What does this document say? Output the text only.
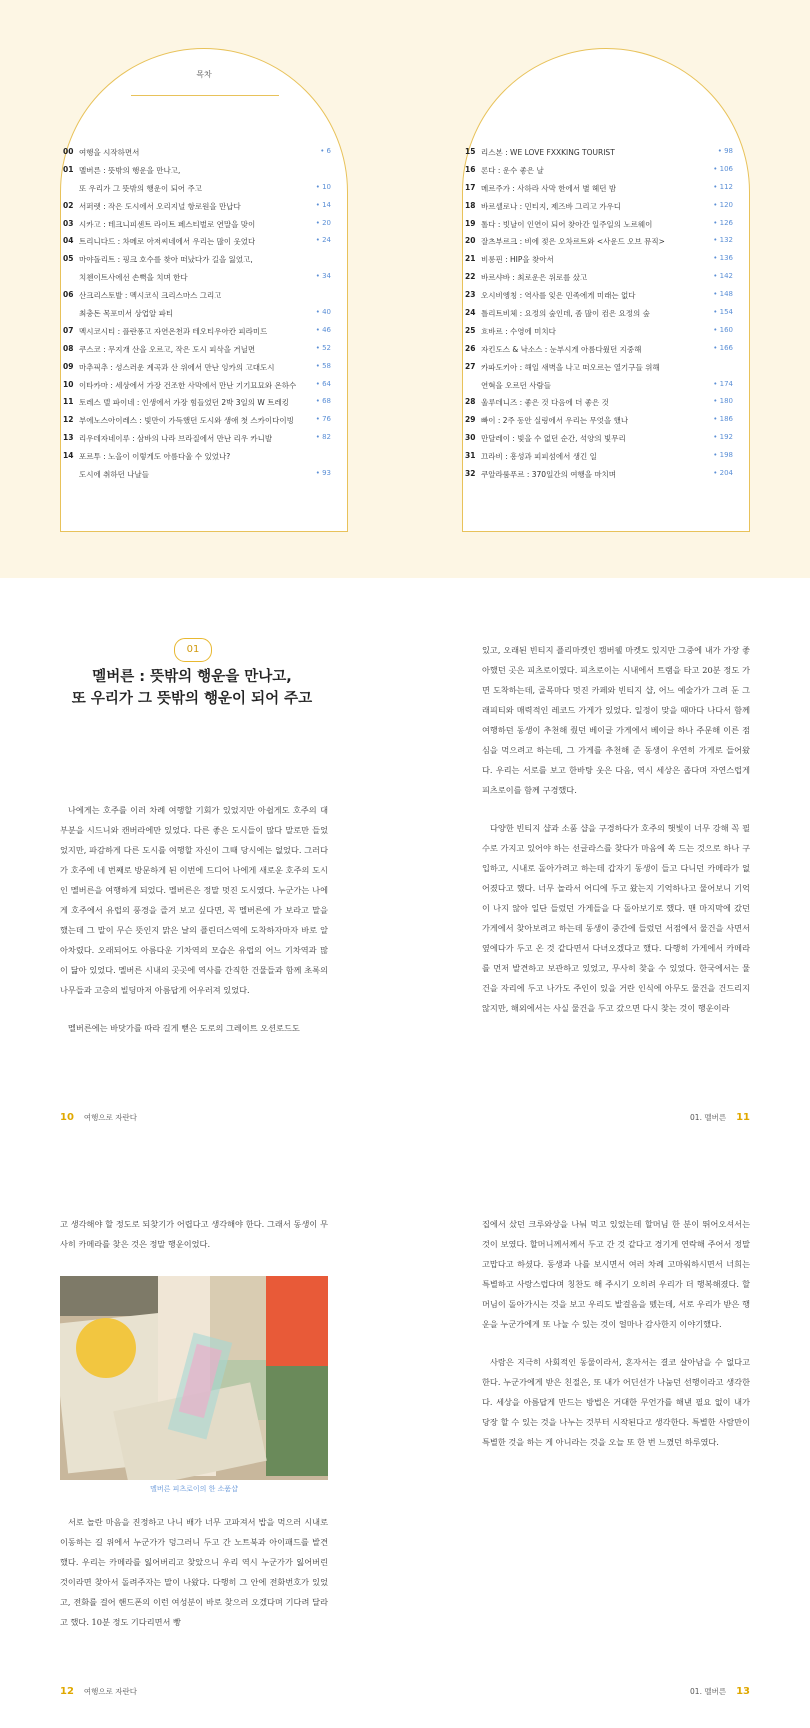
목차
00 여행을 시작하면서	• 6
01 멜버른 : 뜻밖의 행운을 만나고,
또 우리가 그 뜻밖의 행운이 되어 주고	• 10
02 서퍼렛 : 작은 도시에서 오리지널 항로원을 만납다	• 14
03 시카고 : 테크니피센트 라이트 페스티벌로 연말을 맞이	• 20
04 트리니다드 : 차메로 아저씨네에서 우리는 많이 웃었다	• 24
05 마야돌리트 : 핑크 호수를 찾아 떠났다가 길을 잃었고,
치첸이트사에선 손뼉을 치며 한다	• 34
06 산크리스토발 : 멕시코식 크리스마스 그리고
최충돈 목포미서 상업알 파티	• 40
07 멕시코시티 : 플란퐁고 자연온천과 테오티우아칸 피라미드	• 46
08 쿠스코 : 무지개 산을 오르고, 작은 도시 피삭을 거닐면	• 52
09 마추픽추 : 성스러운 계곡과 산 위에서 만난 잉카의 고대도시	• 58
10 이타카마 : 세상에서 가장 건조한 사막에서 만난 기기묘묘와 온하수	• 64
11 토레스 델 파이네 : 인생에서 가장 힘들었던 2박 3일의 W 트레킹	• 68
12 부에노스아이레스 : 빛만이 가득했던 도시와 생애 첫 스카이다이빙	• 76
13 리우데자네이루 : 삼바의 나라 브라질에서 만난 리우 카니발	• 82
14 포르투 : 노을이 이렇게도 아름다울 수 있었나?
도시에 취하던 나날들	• 93
15 리스본 : WE LOVE FXXKING TOURIST	• 98
16 론다 : 운수 좋은 날	• 106
17 메르주가 : 사하라 사막 한에서 별 헤던 밤	• 112
18 바르셀로나 : 민티지, 제즈바 그리고 가우디	• 120
19 톨다 : 빗날이 인연이 되어 찾아간 일주일의 노르웨이	• 126
20 잘츠부르크 : 비에 젖은 오차르트와 <사운드 오브 뮤직>	• 132
21 비롱핀 : HIP을 찾아서	• 136
22 바르샤바 : 최로운은 위로를 샀고	• 142
23 오시비엥칭 : 역사를 잊은 민족에게 미래는 없다	• 148
24 틀리트비체 : 요정의 숲인데, 좀 많이 컴은 요정의 숲	• 154
25 흐바르 : 수영에 미치다	• 160
26 자킨도스 & 낙소스 : 눈부시게 아름다웠던 지중해	• 166
27 카파도키아 : 해일 새벽을 나고 떠오르는 열기구들 위해
연혁을 오르던 사람들	• 174
28 울루데니즈 : 좋은 것 다음에 더 좋은 것	• 180
29 빠이 : 2주 동안 실링에서 우리는 무엇을 했나	• 186
30 만달레이 : 빛을 수 없던 순간, 석양의 빛무리	• 192
31 끄라비 : 흥성과 피피섬에서 생긴 일	• 198
32 쿠알라룸푸르 : 370일간의 여행을 마치며	• 204
01
멜버른 : 뜻밖의 행운을 만나고,
또 우리가 그 뜻밖의 행운이 되어 주고

나에게는 호주를 이러 차례 여행할 기회가 있었지만 아쉽게도 호주의 대부분을 시드니와 캔버라에만 있었다. 다른 좋은 도시들이 많다 말로만 들었었지만, 파감하게 다른 도시를 여행할 자신이 그때 당시에는 없었다. 그러다가 호주에 네 번째로 방문하게 된 이번에 드디어 나에게 새로운 호주의 도시인 멜버른을 여행하게 되었다. 멜버른은 정말 멋진 도시였다. 누군가는 나에게 호주에서 유럽의 풍경을 즐겨 보고 싶다면, 꼭 멜버른에 가 보라고 말을 했는데 그 말이 무슨 뜻인지 맑은 날의 플린더스역에 도착하자마자 바로 알아차렸다. 오래되어도 아름다운 기차역의 모습은 유럽의 어느 기차역과 많이 닮아 있었다. 멜버른 시내의 곳곳에 역사를 간직한 건물들과 함께 초록의 나무들과 고층의 빌딩마저 아름답게 어우러져 있었다.

멜버른에는 바닷가를 따라 길게 뻗은 도로의 그레이트 오션로드도

10 여행으로 자란다

있고, 오래된 빈티지 플리마켓인 캠버웰 마켓도 있지만 그중에 내가 가장 좋아했던 곳은 피츠로이였다. 피츠로이는 시내에서 트램을 타고 20분 정도 가면 도착하는데, 골목마다 멋진 카페와 빈티지 샵, 어느 예술가가 그려 둔 그래피티와 매력적인 레코드 가게가 있었다. 일정이 맞을 때마다 나다서 함께 여행하던 동생이 추천해 줬던 베이글 가게에서 베이글 하나 주문해 이른 점심을 먹으려고 하는데, 그 가게를 추천해 준 동생이 우연히 가게로 들어왔다. 우리는 서로를 보고 한바탕 웃은 다음, 역시 세상은 좁다며 자연스럽게 피츠로이를 함께 구경했다.

다양한 빈티지 샵과 소품 샵을 구경하다가 호주의 햇빛이 너무 강해 꼭 필수로 가지고 있어야 하는 선글라스를 찾다가 마음에 쏙 드는 것으로 하나 구입하고, 시내로 돌아가려고 하는데 갑자기 동생이 들고 다니던 카메라가 없어졌다고 했다. 너무 놀라서 어디에 두고 왔는지 기억하나고 물어보니 기억이 나지 않아 일단 들렀던 가게들을 다 돌아보기로 했다. 맨 마지막에 갔던 가게에서 찾아보려고 하는데 동생이 중간에 들렀던 서점에서 물건을 사면서 옆에다가 두고 온 것 같다면서 다녀오겠다고 했다. 다행히 가게에서 카메라를 먼저 발견하고 보관하고 있었고, 무사히 찾을 수 있었다. 한국에서는 물건을 자리에 두고 나가도 주인이 있을 거란 인식에 아무도 물건을 건드리지 않지만, 해외에서는 사실 물건을 두고 갔으면 다시 찾는 것이 행운이라

01. 멜버른 11

고 생각해야 할 정도로 되찾기가 어렵다고 생각해야 한다. 그래서 동생이 무사히 카메라를 찾은 것은 정말 행운이었다.

멜버른 피츠로이의 한 소품샵

서로 놀란 마음을 진정하고 나니 배가 너무 고파져서 밥을 먹으러 시내로 이동하는 길 위에서 누군가가 덩그러니 두고 간 노트북과 아이패드를 발견했다. 우리는 카메라를 잃어버리고 찾았으니 우리 역시 누군가가 잃어버린 것이라면 찾아서 돌려주자는 말이 나왔다. 다행히 그 안에 전화번호가 있었고, 전화를 걸어 핸드폰의 이런 여성분이 바로 찾으러 오겠다며 기다려 달라고 했다. 10분 정도 기다리면서 빵

12 여행으로 자란다

집에서 샀던 크루와상을 나눠 먹고 있었는데 할머님 한 분이 뛰어오셔서는 것이 보였다. 할머니께서께서 두고 간 것 같다고 경기게 연락해 주어서 정말 고맙다고 하셨다. 동생과 나를 보시면서 여러 차례 고마워하시면서 너희는 특별하고 사랑스럽다며 칭찬도 해 주시기 오히려 우리가 더 행복해졌다. 할머님이 돌아가시는 것을 보고 우리도 발걸음을 뗐는데, 서로 우리가 받은 행운을 누군가에게 또 나눌 수 있는 것이 얼마나 감사한지 이야기했다.

사람은 지극히 사회적인 동물이라서, 혼자서는 결코 살아남을 수 없다고 한다. 누군가에게 받은 친절은, 또 내가 어딘선가 나눔던 선행이라고 생각한다. 세상을 아름답게 만드는 방법은 거대한 무언가를 해낸 필요 없이 내가 당장 할 수 있는 것을 나누는 것부터 시작된다고 생각한다. 특별한 사람만이 특별한 것을 하는 게 아니라는 것을 오늘 또 한 번 느꼈던 하루였다.

01. 멜버른 13
